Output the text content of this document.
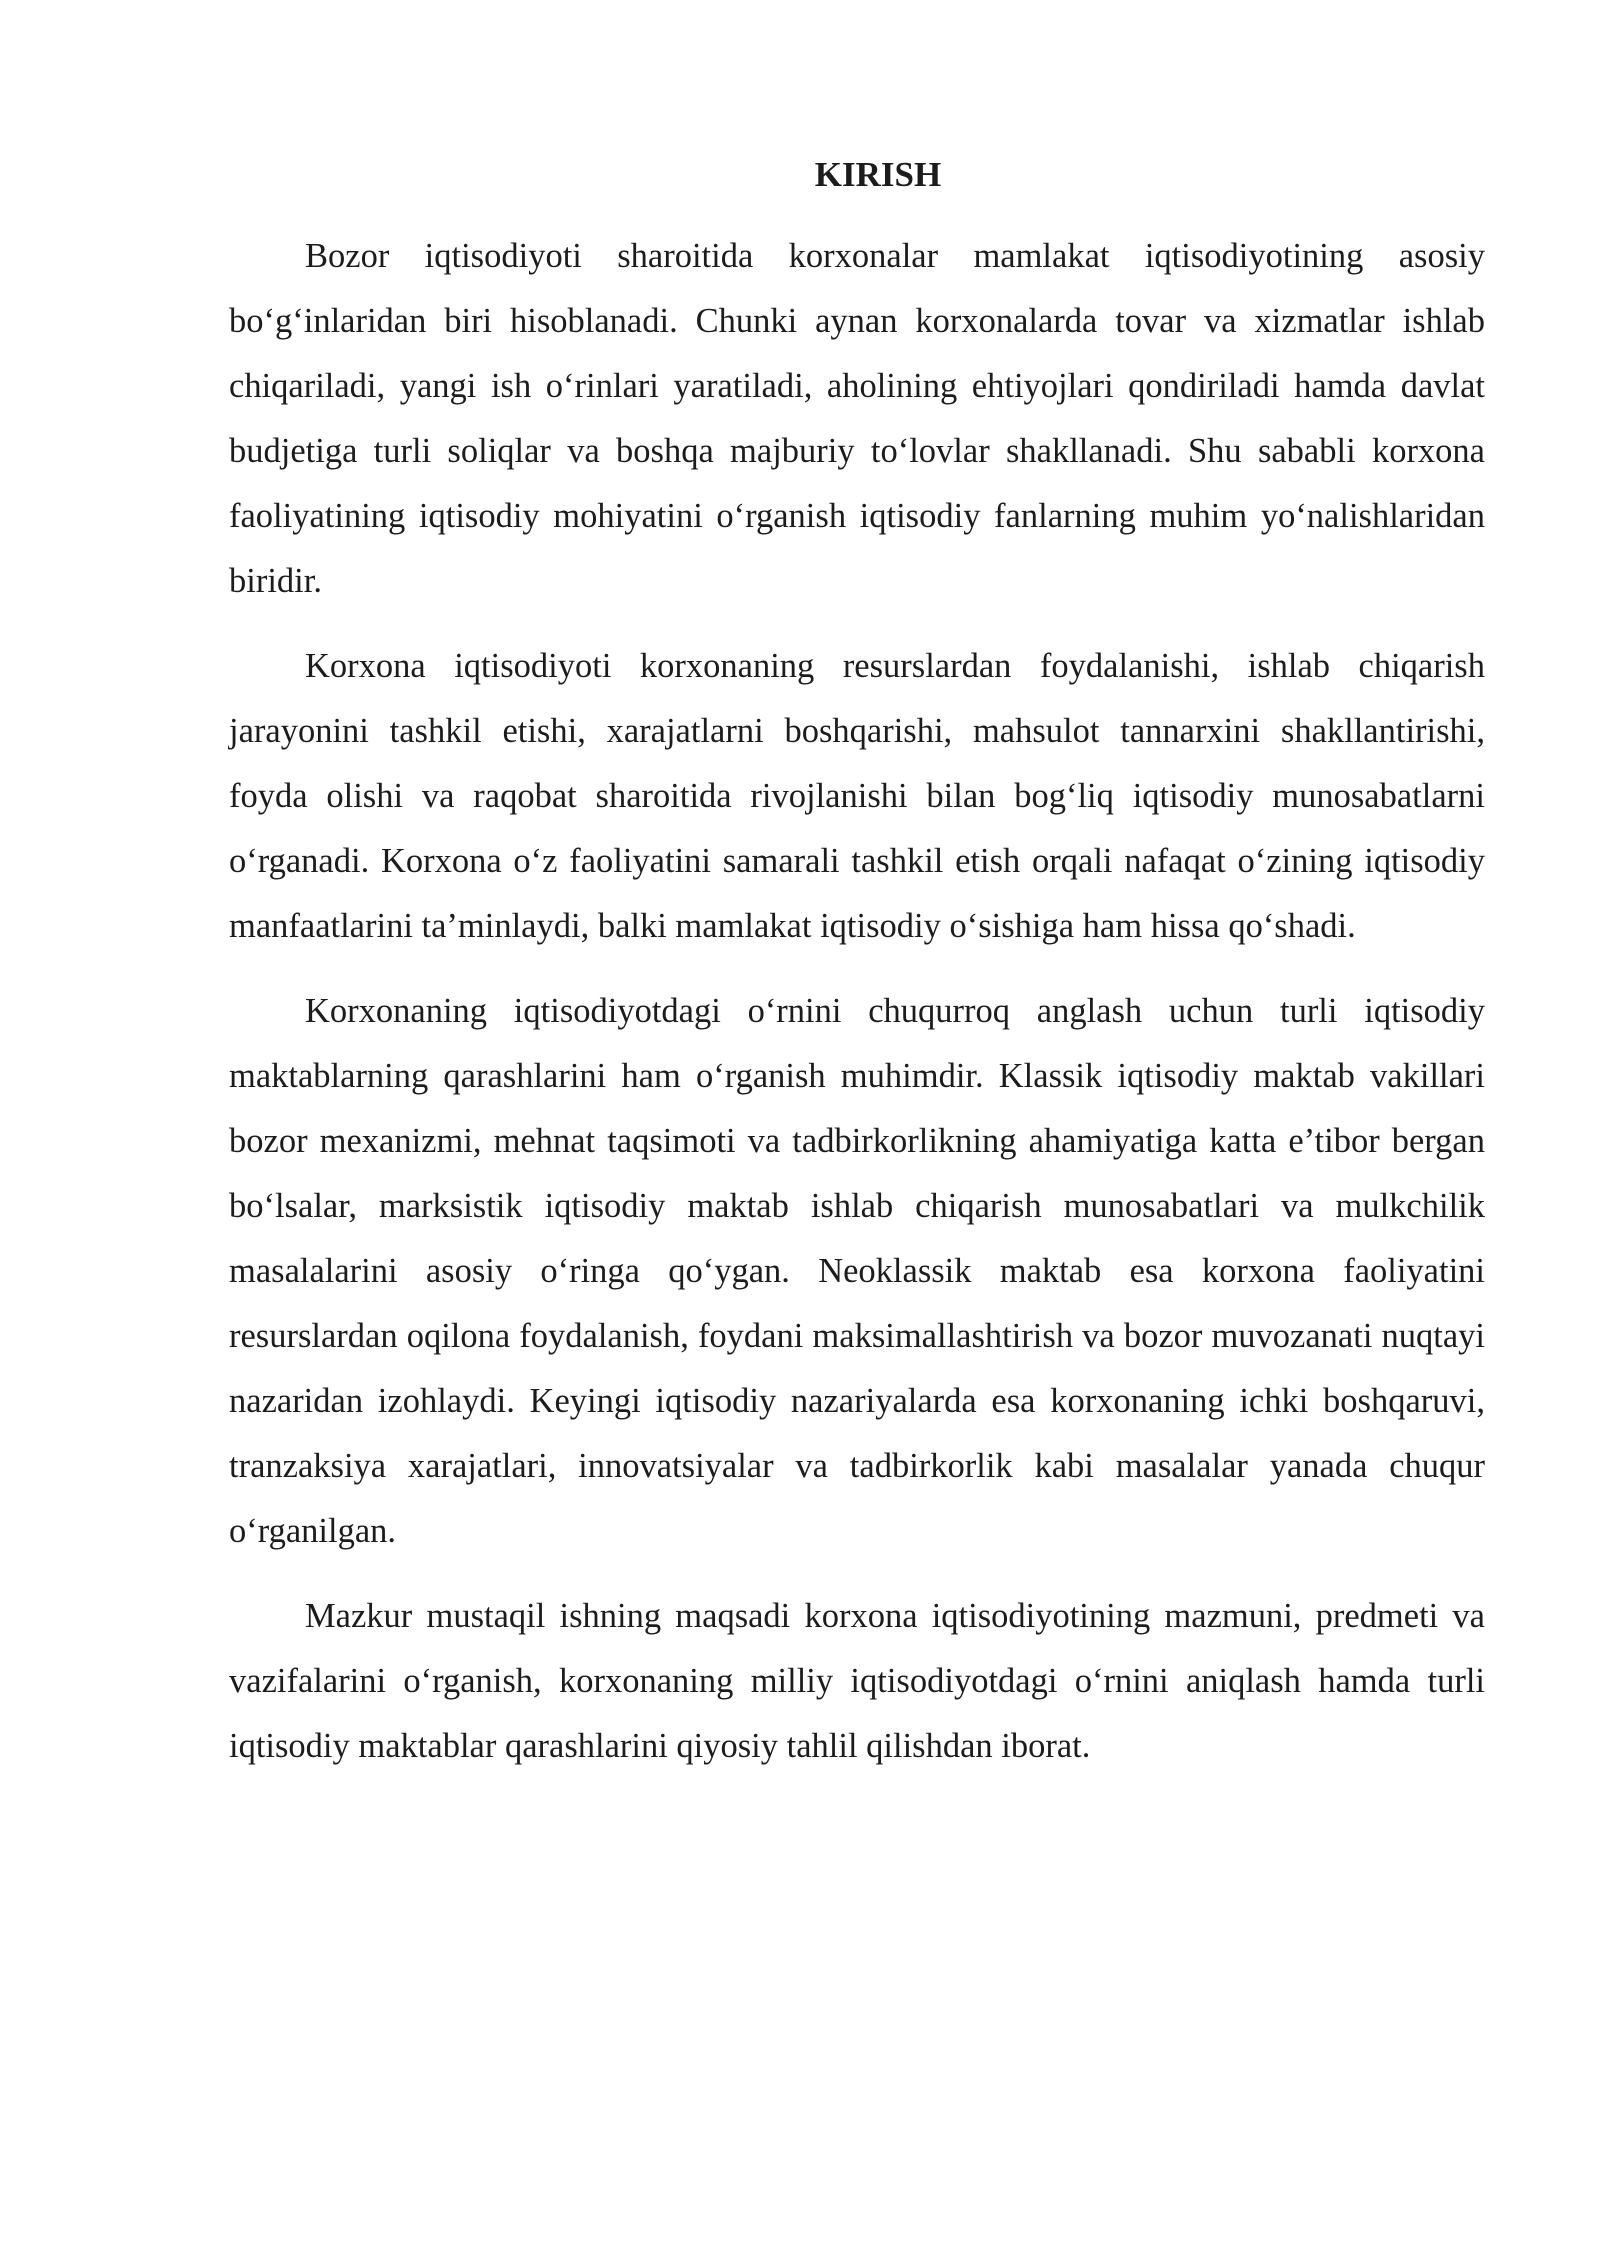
KIRISH

Bozor iqtisodiyoti sharoitida korxonalar mamlakat iqtisodiyotining asosiy bo‘g‘inlaridan biri hisoblanadi. Chunki aynan korxonalarda tovar va xizmatlar ishlab chiqariladi, yangi ish o‘rinlari yaratiladi, aholining ehtiyojlari qondiriladi hamda davlat budjetiga turli soliqlar va boshqa majburiy to‘lovlar shakllanadi. Shu sababli korxona faoliyatining iqtisodiy mohiyatini o‘rganish iqtisodiy fanlarning muhim yo‘nalishlaridan biridir.

Korxona iqtisodiyoti korxonaning resurslardan foydalanishi, ishlab chiqarish jarayonini tashkil etishi, xarajatlarni boshqarishi, mahsulot tannarxini shakllantirishi, foyda olishi va raqobat sharoitida rivojlanishi bilan bog‘liq iqtisodiy munosabatlarni o‘rganadi. Korxona o‘z faoliyatini samarali tashkil etish orqali nafaqat o‘zining iqtisodiy manfaatlarini ta’minlaydi, balki mamlakat iqtisodiy o‘sishiga ham hissa qo‘shadi.

Korxonaning iqtisodiyotdagi o‘rnini chuqurroq anglash uchun turli iqtisodiy maktablarning qarashlarini ham o‘rganish muhimdir. Klassik iqtisodiy maktab vakillari bozor mexanizmi, mehnat taqsimoti va tadbirkorlikning ahamiyatiga katta e’tibor bergan bo‘lsalar, marksistik iqtisodiy maktab ishlab chiqarish munosabatlari va mulkchilik masalalarini asosiy o‘ringa qo‘ygan. Neoklassik maktab esa korxona faoliyatini resurslardan oqilona foydalanish, foydani maksimallashtirish va bozor muvozanati nuqtayi nazaridan izohlaydi. Keyingi iqtisodiy nazariyalarda esa korxonaning ichki boshqaruvi, tranzaksiya xarajatlari, innovatsiyalar va tadbirkorlik kabi masalalar yanada chuqur o‘rganilgan.

Mazkur mustaqil ishning maqsadi korxona iqtisodiyotining mazmuni, predmeti va vazifalarini o‘rganish, korxonaning milliy iqtisodiyotdagi o‘rnini aniqlash hamda turli iqtisodiy maktablar qarashlarini qiyosiy tahlil qilishdan iborat.
